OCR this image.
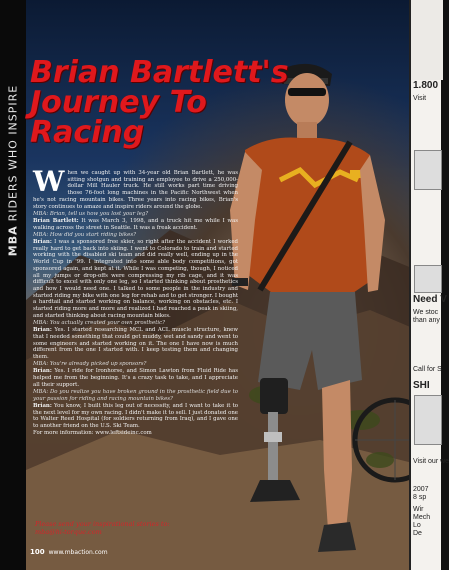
MBARIDERS WHO INSPIRE
Brian Bartlett's
Journey To
Racing

When we caught up with 34-year old Brian Bartlett, he was sitting shotgun and training an employee to drive a 250,000-dollar Mill Hauler truck. He still works part time driving those 76-foot long machines in the Pacific Northwest when he's not racing mountain bikes. Three years into racing bikes, Brian's story continues to amaze and inspire riders around the globe.

MBA: Brian, tell us how you lost your leg?

Brian Bartlett: It was March 3, 1998, and a truck hit me while I was walking across the street in Seattle. It was a freak accident.

MBA: How did you start riding bikes?

Brian: I was a sponsored free skier, so right after the accident I worked really hard to get back into skiing. I went to Colorado to train and started working with the disabled ski team and did really well, ending up in the World Cup in '99. I integrated into some able body competitions, got sponsored again, and kept at it. While I was competing, though, I noticed all my jumps or drop-offs were compressing my rib cage, and it was difficult to excel with only one leg, so I started thinking about prosthetics and how I would need one. I talked to some people in the industry and started riding my bike with one leg for rehab and to get stronger. I bought a hardtail and started working on balance, working on obstacles, etc. I started riding more and more and realized I had reached a peak in skiing, and started thinking about racing mountain bikes.

MBA: You actually created your own prosthetic?

Brian: Yes. I started researching MCL and ACL muscle structure, knew that I needed something that could get muddy, wet and sandy and went to some engineers and started working on it. The one I have now is much different from the one I started with. I keep testing them and changing them.

MBA: You're already picked up sponsors?

Brian: Yes. I ride for Ironhorse, and Simon Lawton from Fluid Ride has helped me from the beginning. It's a crazy task to take, and I appreciate all their support.

MBA: Do you realize you have broken ground in the prosthetic field due to your passion for riding and racing mountain bikes?

Brian: You know, I built this leg out of necessity, and I want to take it to the next level for my own racing. I didn't make it to sell. I just donated one to Walter Reed Hospital (for soldiers returning from Iraq), and I gave one to another friend on the U.S. Ski Team.

For more information: www.leftsideinc.com

Please send your inspirational stories to: mba@hi-torque.com
100 www.mbaction.com
1.800
Visit
Need V
We stoc
than any
Call for S
SHI
Visit our we
2007
8 sp
Wir
Mech
Lo
De
